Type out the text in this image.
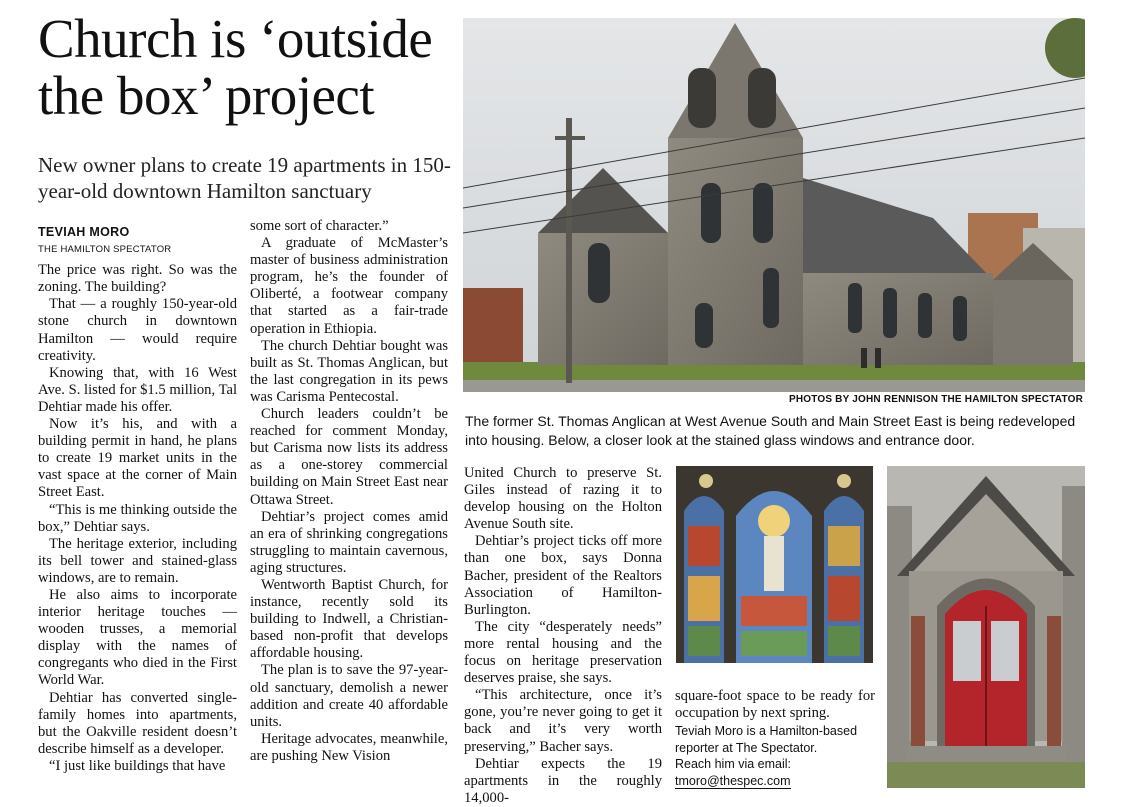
Church is ‘outside the box’ project
New owner plans to create 19 apartments in 150-year-old downtown Hamilton sanctuary
TEVIAH MORO
THE HAMILTON SPECTATOR

The price was right. So was the zoning. The building?

That — a roughly 150-year-old stone church in downtown Hamilton — would require creativity.

Knowing that, with 16 West Ave. S. listed for $1.5 million, Tal Dehtiar made his offer.

Now it’s his, and with a building permit in hand, he plans to create 19 market units in the vast space at the corner of Main Street East.

“This is me thinking outside the box,” Dehtiar says.

The heritage exterior, including its bell tower and stained-glass windows, are to remain.

He also aims to incorporate interior heritage touches — wooden trusses, a memorial display with the names of congregants who died in the First World War.

Dehtiar has converted single-family homes into apartments, but the Oakville resident doesn’t describe himself as a developer.

“I just like buildings that have

some sort of character.”

A graduate of McMaster’s master of business administration program, he’s the founder of Oliberté, a footwear company that started as a fair-trade operation in Ethiopia.

The church Dehtiar bought was built as St. Thomas Anglican, but the last congregation in its pews was Carisma Pentecostal.

Church leaders couldn’t be reached for comment Monday, but Carisma now lists its address as a one-storey commercial building on Main Street East near Ottawa Street.

Dehtiar’s project comes amid an era of shrinking congregations struggling to maintain cavernous, aging structures.

Wentworth Baptist Church, for instance, recently sold its building to Indwell, a Christian-based non-profit that develops affordable housing.

The plan is to save the 97-year-old sanctuary, demolish a newer addition and create 40 affordable units.

Heritage advocates, meanwhile, are pushing New Vision

United Church to preserve St. Giles instead of razing it to develop housing on the Holton Avenue South site.

Dehtiar’s project ticks off more than one box, says Donna Bacher, president of the Realtors Association of Hamilton-Burlington.

The city “desperately needs” more rental housing and the focus on heritage preservation deserves praise, she says.

“This architecture, once it’s gone, you’re never going to get it back and it’s very worth preserving,” Bacher says.

Dehtiar expects the 19 apartments in the roughly 14,000-

square-foot space to be ready for occupation by next spring.

Teviah Moro is a Hamilton-based reporter at The Spectator.
Reach him via email:
tmoro@thespec.com
PHOTOS BY JOHN RENNISON THE HAMILTON SPECTATOR
The former St. Thomas Anglican at West Avenue South and Main Street East is being redeveloped into housing. Below, a closer look at the stained glass windows and entrance door.
